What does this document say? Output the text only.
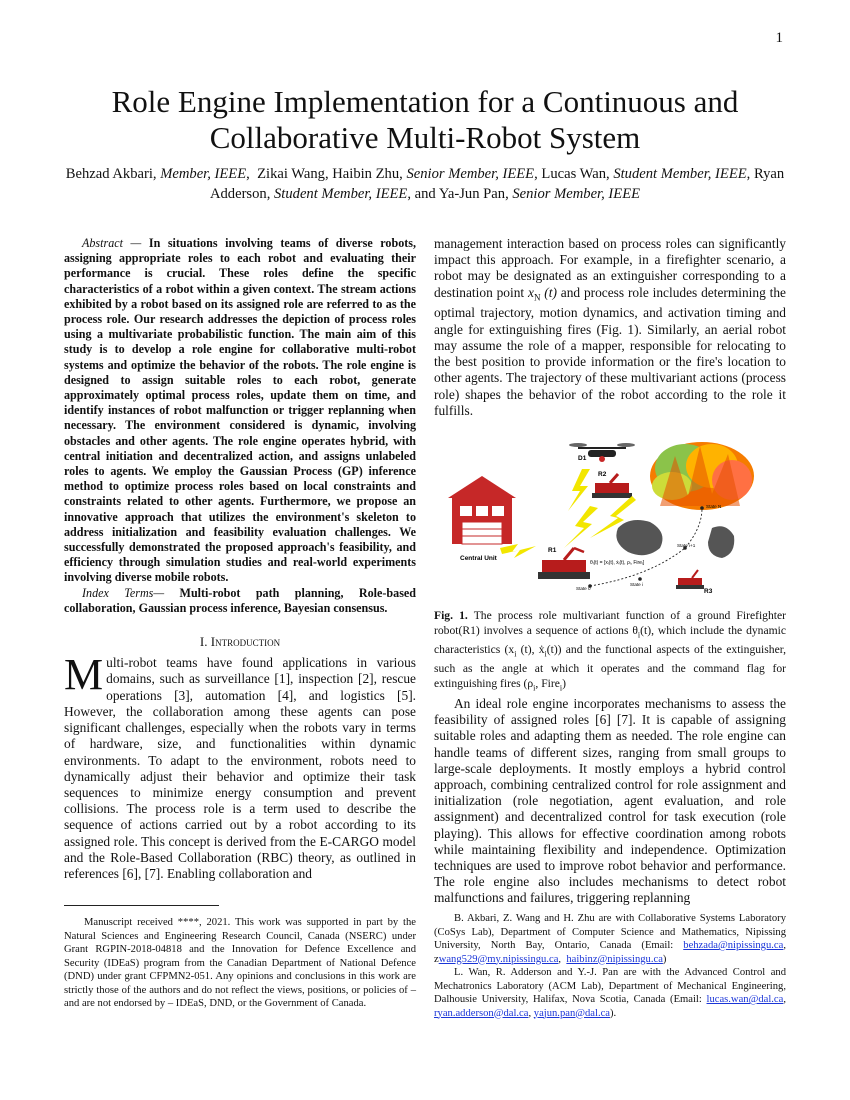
1
Role Engine Implementation for a Continuous and Collaborative Multi-Robot System
Behzad Akbari, Member, IEEE,  Zikai Wang, Haibin Zhu, Senior Member, IEEE, Lucas Wan, Student Member, IEEE, Ryan Adderson, Student Member, IEEE, and Ya-Jun Pan, Senior Member, IEEE

Abstract — In situations involving teams of diverse robots, assigning appropriate roles to each robot and evaluating their performance is crucial. These roles define the specific characteristics of a robot within a given context. The stream actions exhibited by a robot based on its assigned role are referred to as the process role. Our research addresses the depiction of process roles using a multivariate probabilistic function. The main aim of this study is to develop a role engine for collaborative multi-robot systems and optimize the behavior of the robots. The role engine is designed to assign suitable roles to each robot, generate approximately optimal process roles, update them on time, and identify instances of robot malfunction or trigger replanning when necessary. The environment considered is dynamic, involving obstacles and other agents. The role engine operates hybrid, with central initiation and decentralized action, and assigns unlabeled roles to agents. We employ the Gaussian Process (GP) inference method to optimize process roles based on local constraints and constraints related to other agents. Furthermore, we propose an innovative approach that utilizes the environment's skeleton to address initialization and feasibility evaluation challenges. We successfully demonstrated the proposed approach's feasibility, and efficiency through simulation studies and real-world experiments involving diverse mobile robots.

Index Terms— Multi-robot path planning, Role-based collaboration, Gaussian process inference, Bayesian consensus.

I. Introduction

Multi-robot teams have found applications in various domains, such as surveillance [1], inspection [2], rescue operations [3], automation [4], and logistics [5]. However, the collaboration among these agents can pose significant challenges, especially when the robots vary in terms of hardware, size, and functionalities within dynamic environments. To adapt to the environment, robots need to dynamically adjust their behavior and optimize their task sequences to minimize energy consumption and prevent collisions. The process role is a term used to describe the sequence of actions carried out by a robot according to its assigned role. This concept is derived from the E-CARGO model and the Role-Based Collaboration (RBC) theory, as outlined in references [6], [7]. Enabling collaboration and

management interaction based on process roles can significantly impact this approach. For example, in a firefighter scenario, a robot may be designated as an extinguisher corresponding to a destination point $x_N$ (t) and process role includes determining the optimal trajectory, motion dynamics, and activation timing and angle for extinguishing fires (Fig. 1). Similarly, an aerial robot may assume the role of a mapper, responsible for relocating to the best position to provide information or the fire's location to other agents. The trajectory of these multivariant actions (process role) shapes the behavior of the robot according to the role it fulfills.

D1
R2
Central Unit
R1
θᵢ(t) = [xᵢ(t), ẋᵢ(t), ρᵢ, Fireᵢ]
R3
State N
State i+1
State i
State 0

Fig. 1. The process role multivariant function of a ground Firefighter robot(R1) involves a sequence of actions $\theta_i(t)$, which include the dynamic characteristics ($x_i$ (t), ẋ$_i$(t)) and the functional aspects of the extinguisher, such as the angle at which it operates and the command flag for extinguishing fires ($\rho_i$, Fire$_i$)

An ideal role engine incorporates mechanisms to assess the feasibility of assigned roles [6] [7]. It is capable of assigning suitable roles and adapting them as needed. The role engine can handle teams of different sizes, ranging from small groups to large-scale deployments. It mostly employs a hybrid control approach, combining centralized control for role assignment and initialization (role negotiation, agent evaluation, and role assignment) and decentralized control for task execution (role playing). This allows for effective coordination among robots while maintaining flexibility and independence. Optimization techniques are used to improve robot behavior and performance. The role engine also includes mechanisms to detect robot malfunctions and failures, triggering replanning

Manuscript received ****, 2021. This work was supported in part by the Natural Sciences and Engineering Research Council, Canada (NSERC) under Grant RGPIN-2018-04818 and the Innovation for Defence Excellence and Security (IDEaS) program from the Canadian Department of National Defence (DND) under grant CFPMN2-051. Any opinions and conclusions in this work are strictly those of the authors and do not reflect the views, positions, or policies of – and are not endorsed by – IDEaS, DND, or the Government of Canada.

B. Akbari, Z. Wang and H. Zhu are with Collaborative Systems Laboratory (CoSys Lab), Department of Computer Science and Mathematics, Nipissing University, North Bay, Ontario, Canada (Email: behzada@nipissingu.ca, zwang529@my.nipissingu.ca,  haibinz@nipissingu.ca)

L. Wan, R. Adderson and Y.-J. Pan are with the Advanced Control and Mechatronics Laboratory (ACM Lab), Department of Mechanical Engineering, Dalhousie University, Halifax, Nova Scotia, Canada (Email: lucas.wan@dal.ca, ryan.adderson@dal.ca, yajun.pan@dal.ca).
